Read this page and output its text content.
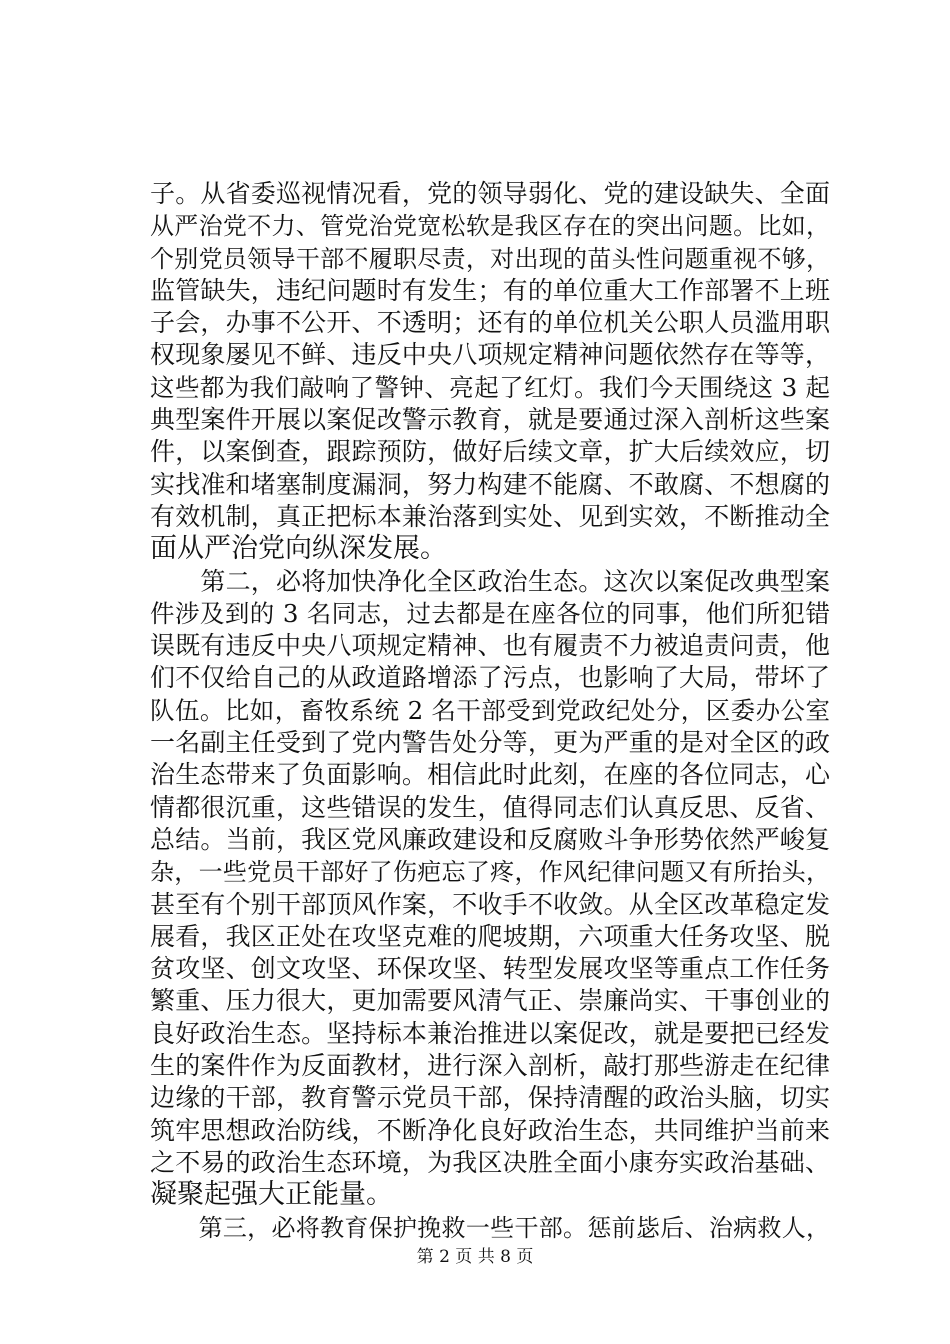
子。从省委巡视情况看，党的领导弱化、党的建设缺失、全面
从严治党不力、管党治党宽松软是我区存在的突出问题。比如，
个别党员领导干部不履职尽责，对出现的苗头性问题重视不够，
监管缺失，违纪问题时有发生；有的单位重大工作部署不上班
子会，办事不公开、不透明；还有的单位机关公职人员滥用职
权现象屡见不鲜、违反中央八项规定精神问题依然存在等等，
这些都为我们敲响了警钟、亮起了红灯。我们今天围绕这 3 起
典型案件开展以案促改警示教育，就是要通过深入剖析这些案
件，以案倒查，跟踪预防，做好后续文章，扩大后续效应，切
实找准和堵塞制度漏洞，努力构建不能腐、不敢腐、不想腐的
有效机制，真正把标本兼治落到实处、见到实效，不断推动全
面从严治党向纵深发展。
　　第二，必将加快净化全区政治生态。这次以案促改典型案
件涉及到的 3 名同志，过去都是在座各位的同事，他们所犯错
误既有违反中央八项规定精神、也有履责不力被追责问责，他
们不仅给自己的从政道路增添了污点，也影响了大局，带坏了
队伍。比如，畜牧系统 2 名干部受到党政纪处分，区委办公室
一名副主任受到了党内警告处分等，更为严重的是对全区的政
治生态带来了负面影响。相信此时此刻，在座的各位同志，心
情都很沉重，这些错误的发生，值得同志们认真反思、反省、
总结。当前，我区党风廉政建设和反腐败斗争形势依然严峻复
杂，一些党员干部好了伤疤忘了疼，作风纪律问题又有所抬头，
甚至有个别干部顶风作案，不收手不收敛。从全区改革稳定发
展看，我区正处在攻坚克难的爬坡期，六项重大任务攻坚、脱
贫攻坚、创文攻坚、环保攻坚、转型发展攻坚等重点工作任务
繁重、压力很大，更加需要风清气正、崇廉尚实、干事创业的
良好政治生态。坚持标本兼治推进以案促改，就是要把已经发
生的案件作为反面教材，进行深入剖析，敲打那些游走在纪律
边缘的干部，教育警示党员干部，保持清醒的政治头脑，切实
筑牢思想政治防线，不断净化良好政治生态，共同维护当前来
之不易的政治生态环境，为我区决胜全面小康夯实政治基础、
凝聚起强大正能量。
　　第三，必将教育保护挽救一些干部。惩前毖后、治病救人，
第 2 页 共 8 页
